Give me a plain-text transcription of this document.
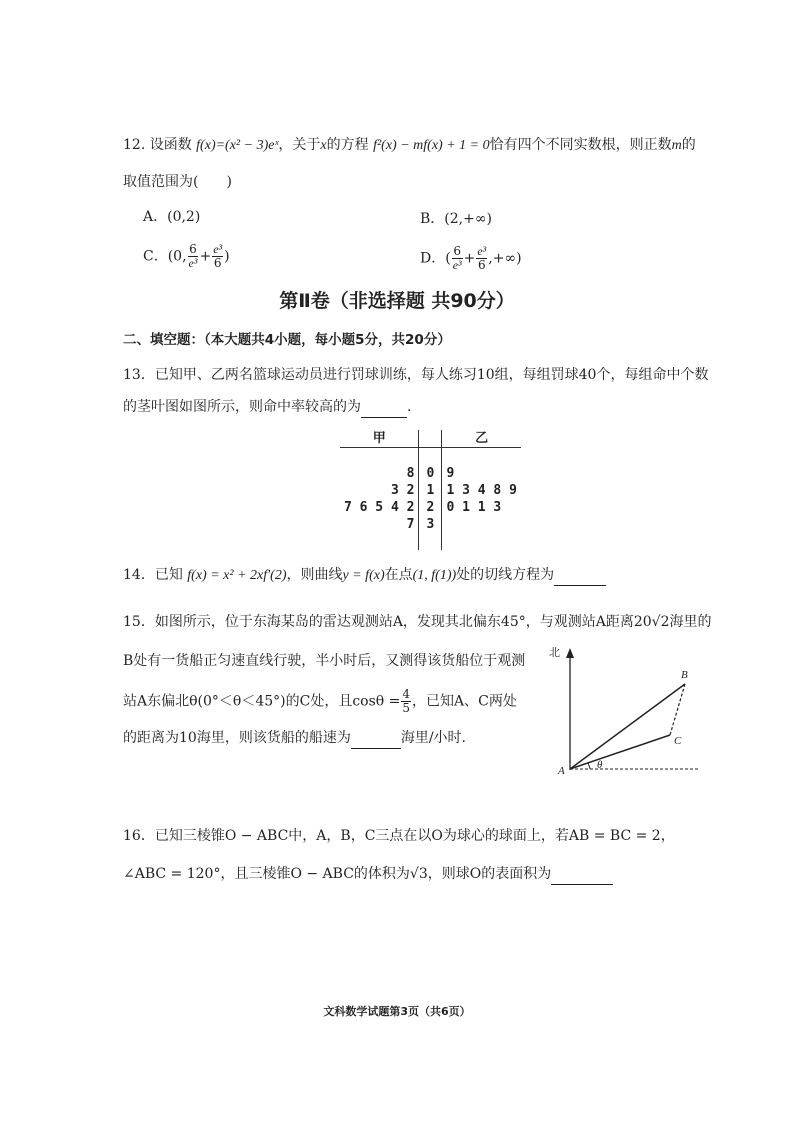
12. 设函数 f(x)=(x² − 3)eˣ，关于x的方程 f²(x) − mf(x) + 1 = 0恰有四个不同实数根，则正数m的
取值范围为(　　)
A．(0,2)	B．(2,+∞)
C．(0, $\frac{6}{\text{e³}} + \frac{\text{e³}}{6}$ )	D．( $\frac{6}{\text{e³}} + \frac{\text{e³}}{6}$ ,+∞)
第Ⅱ卷（非选择题 共90分）
二、填空题：（本大题共4小题，每小题5分，共20分）
13．已知甲、乙两名篮球运动员进行罚球训练，每人练习10组，每组罚球40个，每组命中个数
的茎叶图如图所示，则命中率较高的为	.
甲		乙

8	0	9
3 2	1	1 3 4 8 9
7 6 5 4 2	2	0 1 1 3
7	3	

14．已知 f(x) = x² + 2xf′(2)，则曲线y = f(x)在点(1, f(1))处的切线方程为
15．如图所示，位于东海某岛的雷达观测站A，发现其北偏东45°，与观测站A距离20√2海里的
B处有一货船正匀速直线行驶，半小时后，又测得该货船位于观测
站A东偏北θ(0°＜θ＜45°)的C处，且$\cos\theta = \frac{4}{5}$ ，已知A、C两处
的距离为10海里，则该货船的船速为	海里/小时.
北
A
B
C
θ
16．已知三棱锥O − ABC中，A，B，C三点在以O为球心的球面上，若AB = BC = 2，
∠ABC = 120°，且三棱锥O − ABC的体积为√3，则球O的表面积为
文科数学试题第3页（共6页）
